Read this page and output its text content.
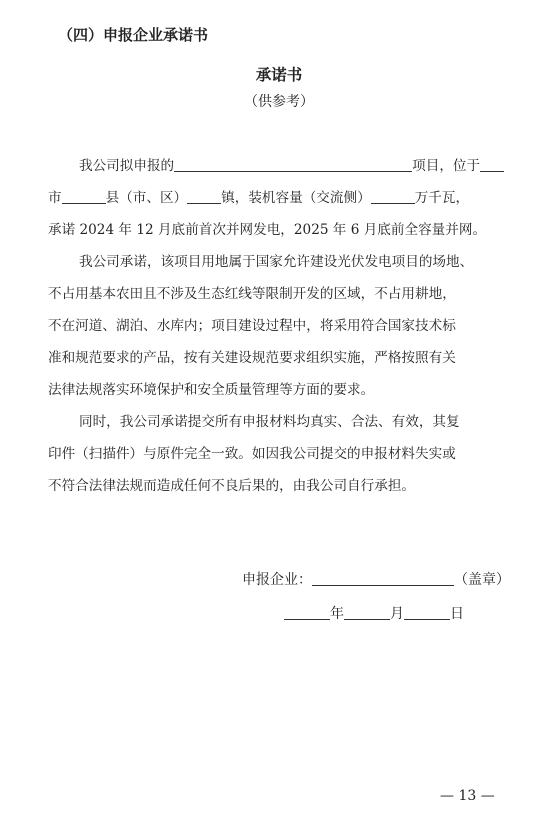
（四）申报企业承诺书
承诺书
（供参考）
我公司拟申报的	项目，位于
市	县（市、区）	镇，装机容量（交流侧）	万千瓦，
承诺 2024 年 12 月底前首次并网发电，2025 年 6 月底前全容量并网。
我公司承诺，该项目用地属于国家允许建设光伏发电项目的场地、
不占用基本农田且不涉及生态红线等限制开发的区域，不占用耕地，
不在河道、湖泊、水库内；项目建设过程中，将采用符合国家技术标
准和规范要求的产品，按有关建设规范要求组织实施，严格按照有关
法律法规落实环境保护和安全质量管理等方面的要求。
同时，我公司承诺提交所有申报材料均真实、合法、有效，其复
印件（扫描件）与原件完全一致。如因我公司提交的申报材料失实或
不符合法律法规而造成任何不良后果的，由我公司自行承担。
申报企业：	（盖章）
年	月	日
— 13 —
